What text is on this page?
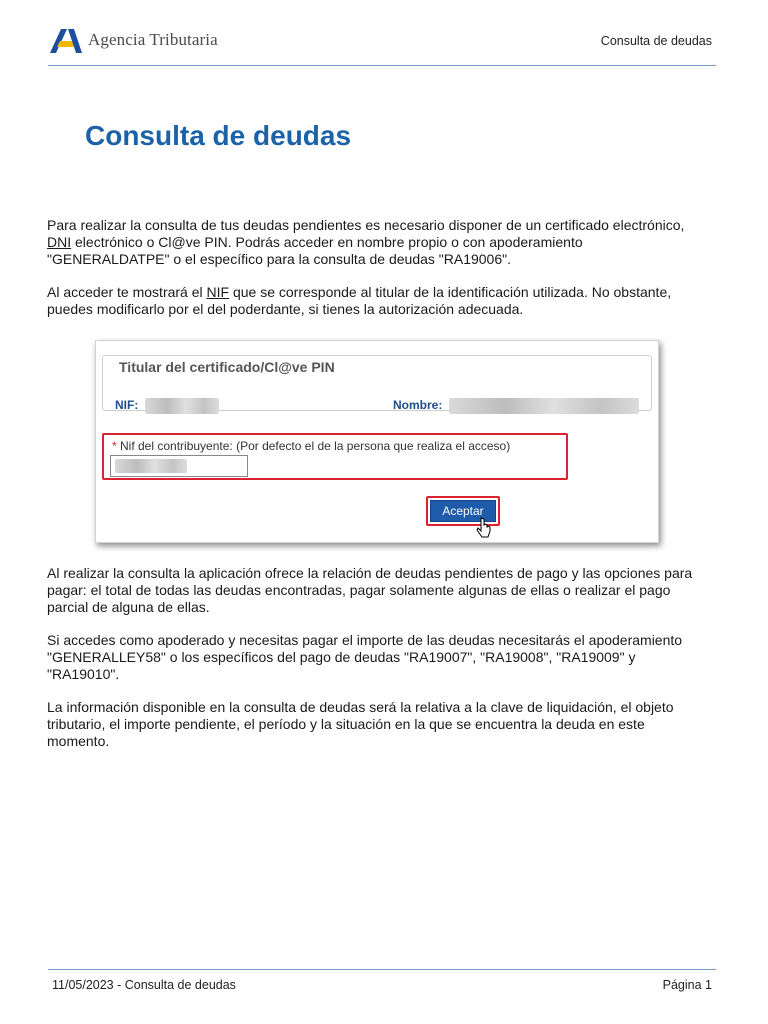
Agencia Tributaria	Consulta de deudas
Consulta de deudas

Para realizar la consulta de tus deudas pendientes es necesario disponer de un certificado electrónico, DNI electrónico o Cl@ve PIN. Podrás acceder en nombre propio o con apoderamiento "GENERALDATPE" o el específico para la consulta de deudas "RA19006".

Al acceder te mostrará el NIF que se corresponde al titular de la identificación utilizada. No obstante, puedes modificarlo por el del poderdante, si tienes la autorización adecuada.

Titular del certificado/Cl@ve PIN
NIF:	Nombre:
* Nif del contribuyente: (Por defecto el de la persona que realiza el acceso)
Aceptar

Al realizar la consulta la aplicación ofrece la relación de deudas pendientes de pago y las opciones para pagar: el total de todas las deudas encontradas, pagar solamente algunas de ellas o realizar el pago parcial de alguna de ellas.

Si accedes como apoderado y necesitas pagar el importe de las deudas necesitarás el apoderamiento "GENERALLEY58" o los específicos del pago de deudas "RA19007", "RA19008", "RA19009" y "RA19010".

La información disponible en la consulta de deudas será la relativa a la clave de liquidación, el objeto tributario, el importe pendiente, el período y la situación en la que se encuentra la deuda en este momento.

11/05/2023 - Consulta de deudas	Página 1
